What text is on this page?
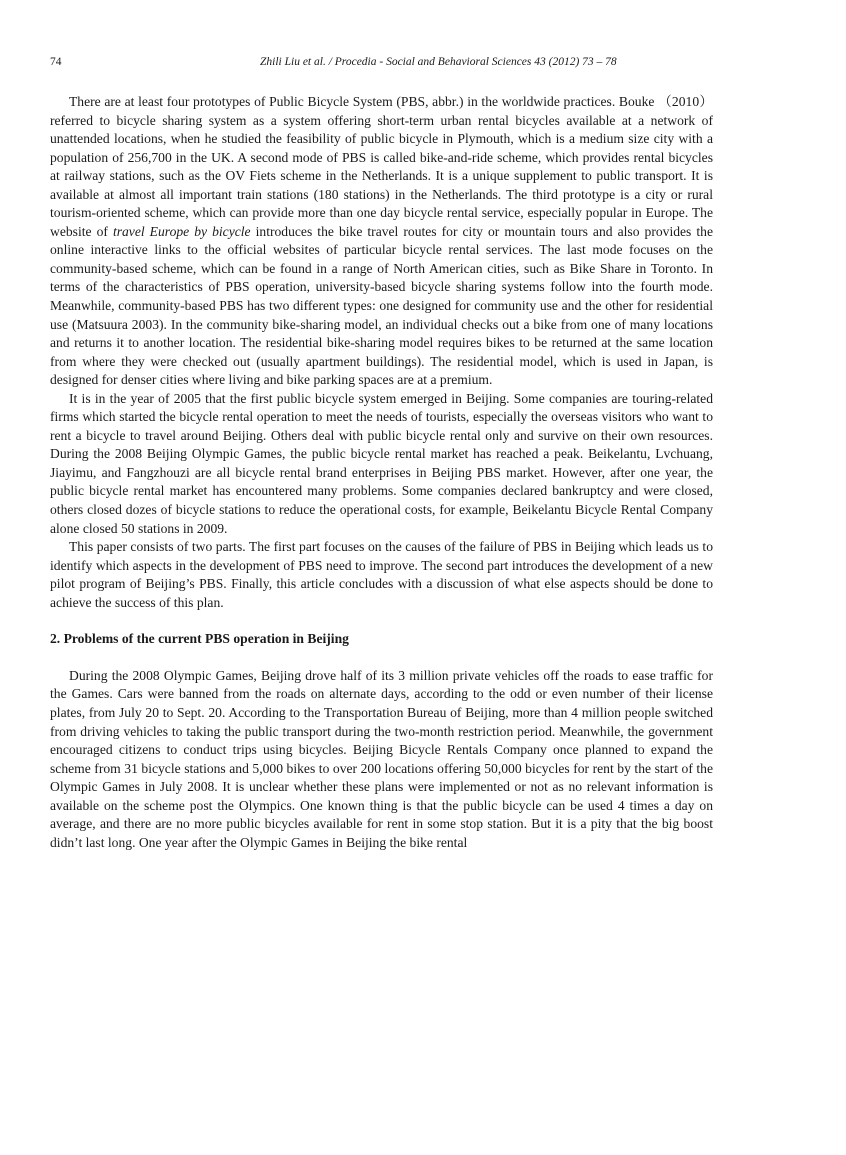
74	Zhili Liu et al. / Procedia - Social and Behavioral Sciences 43 (2012) 73 – 78

There are at least four prototypes of Public Bicycle System (PBS, abbr.) in the worldwide practices. Bouke （2010）referred to bicycle sharing system as a system offering short-term urban rental bicycles available at a network of unattended locations, when he studied the feasibility of public bicycle in Plymouth, which is a medium size city with a population of 256,700 in the UK. A second mode of PBS is called bike-and-ride scheme, which provides rental bicycles at railway stations, such as the OV Fiets scheme in the Netherlands. It is a unique supplement to public transport. It is available at almost all important train stations (180 stations) in the Netherlands. The third prototype is a city or rural tourism-oriented scheme, which can provide more than one day bicycle rental service, especially popular in Europe. The website of travel Europe by bicycle introduces the bike travel routes for city or mountain tours and also provides the online interactive links to the official websites of particular bicycle rental services. The last mode focuses on the community-based scheme, which can be found in a range of North American cities, such as Bike Share in Toronto. In terms of the characteristics of PBS operation, university-based bicycle sharing systems follow into the fourth mode. Meanwhile, community-based PBS has two different types: one designed for community use and the other for residential use (Matsuura 2003). In the community bike-sharing model, an individual checks out a bike from one of many locations and returns it to another location. The residential bike-sharing model requires bikes to be returned at the same location from where they were checked out (usually apartment buildings). The residential model, which is used in Japan, is designed for denser cities where living and bike parking spaces are at a premium.

It is in the year of 2005 that the first public bicycle system emerged in Beijing. Some companies are touring-related firms which started the bicycle rental operation to meet the needs of tourists, especially the overseas visitors who want to rent a bicycle to travel around Beijing. Others deal with public bicycle rental only and survive on their own resources. During the 2008 Beijing Olympic Games, the public bicycle rental market has reached a peak. Beikelantu, Lvchuang, Jiayimu, and Fangzhouzi are all bicycle rental brand enterprises in Beijing PBS market. However, after one year, the public bicycle rental market has encountered many problems. Some companies declared bankruptcy and were closed, others closed dozes of bicycle stations to reduce the operational costs, for example, Beikelantu Bicycle Rental Company alone closed 50 stations in 2009.

This paper consists of two parts. The first part focuses on the causes of the failure of PBS in Beijing which leads us to identify which aspects in the development of PBS need to improve. The second part introduces the development of a new pilot program of Beijing’s PBS. Finally, this article concludes with a discussion of what else aspects should be done to achieve the success of this plan.

2. Problems of the current PBS operation in Beijing

During the 2008 Olympic Games, Beijing drove half of its 3 million private vehicles off the roads to ease traffic for the Games. Cars were banned from the roads on alternate days, according to the odd or even number of their license plates, from July 20 to Sept. 20. According to the Transportation Bureau of Beijing, more than 4 million people switched from driving vehicles to taking the public transport during the two-month restriction period. Meanwhile, the government encouraged citizens to conduct trips using bicycles. Beijing Bicycle Rentals Company once planned to expand the scheme from 31 bicycle stations and 5,000 bikes to over 200 locations offering 50,000 bicycles for rent by the start of the Olympic Games in July 2008. It is unclear whether these plans were implemented or not as no relevant information is available on the scheme post the Olympics. One known thing is that the public bicycle can be used 4 times a day on average, and there are no more public bicycles available for rent in some stop station. But it is a pity that the big boost didn’t last long. One year after the Olympic Games in Beijing the bike rental
